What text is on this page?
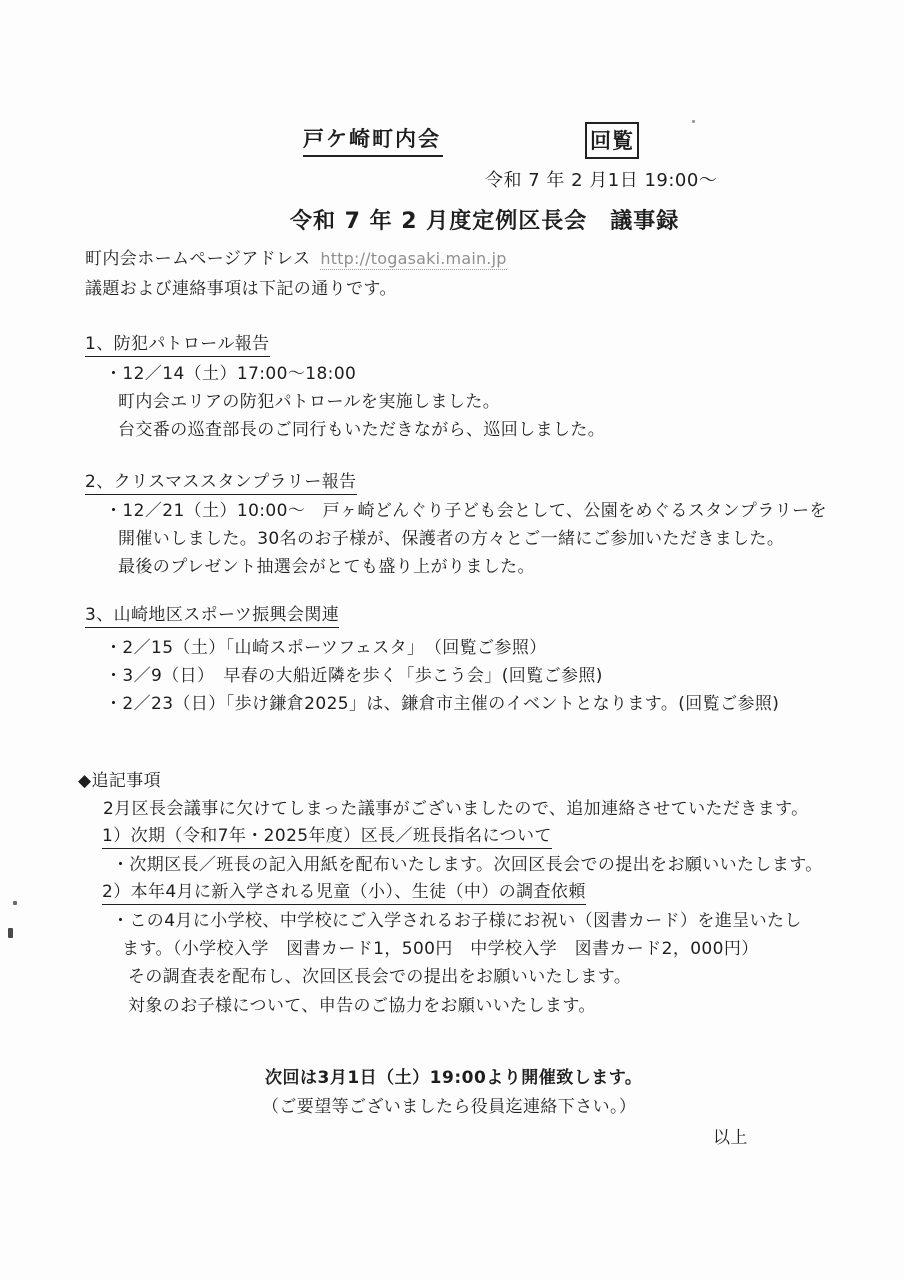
戸ケ崎町内会	回覧
令和 7 年 2 月1日 19:00～
令和 7 年 2 月度定例区長会　議事録
町内会ホームページアドレス http://togasaki.main.jp
議題および連絡事項は下記の通りです。
1、防犯パトロール報告
・12／14（土）17:00～18:00
町内会エリアの防犯パトロールを実施しました。
台交番の巡査部長のご同行もいただきながら、巡回しました。
2、クリスマススタンプラリー報告
・12／21（土）10:00～　戸ヶ崎どんぐり子ども会として、公園をめぐるスタンプラリーを
開催いしました。30名のお子様が、保護者の方々とご一緒にご参加いただきました。
最後のプレゼント抽選会がとても盛り上がりました。
3、山崎地区スポーツ振興会関連
・2／15（土）「山崎スポーツフェスタ」　（回覧ご参照）
・3／9（日）　早春の大船近隣を歩く「歩こう会」(回覧ご参照)
・2／23（日）「歩け鎌倉2025」は、鎌倉市主催のイベントとなります。(回覧ご参照)
◆追記事項
2月区長会議事に欠けてしまった議事がございましたので、追加連絡させていただきます。
1）次期（令和7年・2025年度）区長／班長指名について
・次期区長／班長の記入用紙を配布いたします。次回区長会での提出をお願いいたします。
2）本年4月に新入学される児童（小）、生徒（中）の調査依頼
・この4月に小学校、中学校にご入学されるお子様にお祝い（図書カード）を進呈いたし
ます。（小学校入学　図書カード1，500円　中学校入学　図書カード2，000円）
その調査表を配布し、次回区長会での提出をお願いいたします。
対象のお子様について、申告のご協力をお願いいたします。
次回は3月1日（土）19:00より開催致します。
（ご要望等ございましたら役員迄連絡下さい。）
以上
